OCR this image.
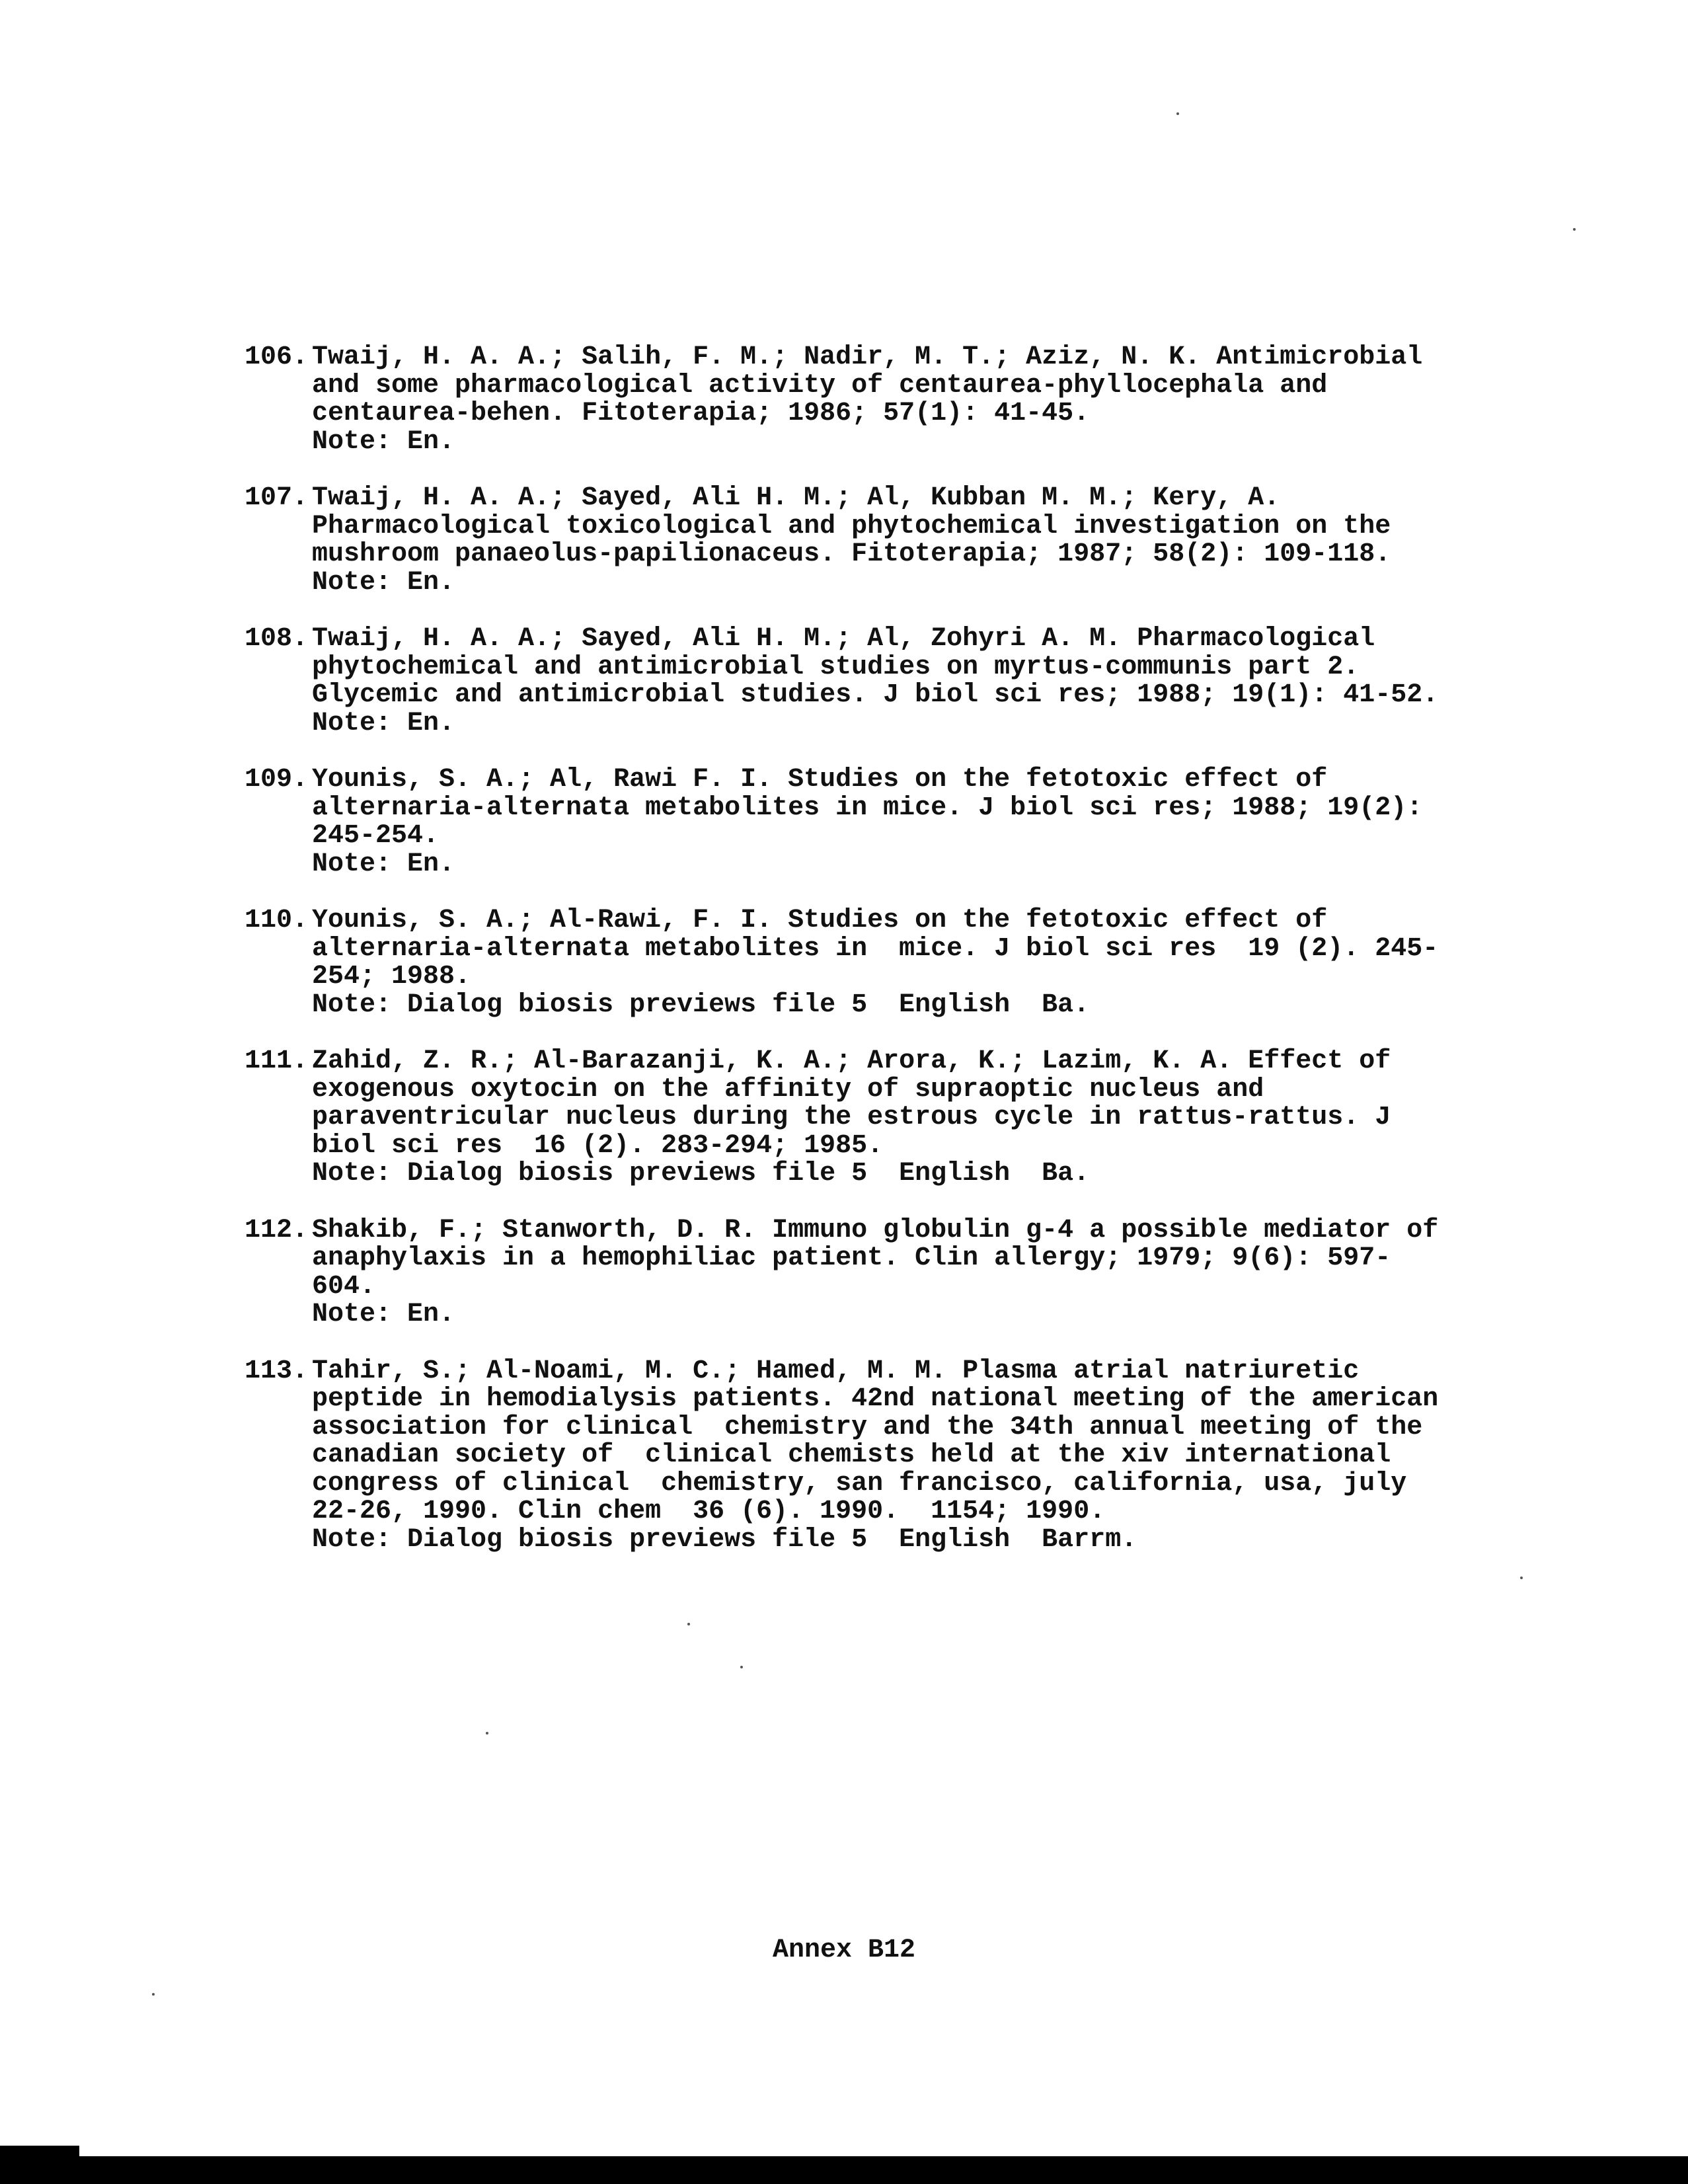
106. Twaij, H. A. A.; Salih, F. M.; Nadir, M. T.; Aziz, N. K. Antimicrobial
and some pharmacological activity of centaurea-phyllocephala and
centaurea-behen. Fitoterapia; 1986; 57(1): 41-45.
Note: En.
107. Twaij, H. A. A.; Sayed, Ali H. M.; Al, Kubban M. M.; Kery, A.
Pharmacological toxicological and phytochemical investigation on the
mushroom panaeolus-papilionaceus. Fitoterapia; 1987; 58(2): 109-118.
Note: En.
108. Twaij, H. A. A.; Sayed, Ali H. M.; Al, Zohyri A. M. Pharmacological
phytochemical and antimicrobial studies on myrtus-communis part 2.
Glycemic and antimicrobial studies. J biol sci res; 1988; 19(1): 41-52.
Note: En.
109. Younis, S. A.; Al, Rawi F. I. Studies on the fetotoxic effect of
alternaria-alternata metabolites in mice. J biol sci res; 1988; 19(2):
245-254.
Note: En.
110. Younis, S. A.; Al-Rawi, F. I. Studies on the fetotoxic effect of
alternaria-alternata metabolites in  mice. J biol sci res  19 (2). 245-
254; 1988.
Note: Dialog biosis previews file 5  English  Ba.
111. Zahid, Z. R.; Al-Barazanji, K. A.; Arora, K.; Lazim, K. A. Effect of
exogenous oxytocin on the affinity of supraoptic nucleus and
paraventricular nucleus during the estrous cycle in rattus-rattus. J
biol sci res  16 (2). 283-294; 1985.
Note: Dialog biosis previews file 5  English  Ba.
112. Shakib, F.; Stanworth, D. R. Immuno globulin g-4 a possible mediator of
anaphylaxis in a hemophiliac patient. Clin allergy; 1979; 9(6): 597-
604.
Note: En.
113. Tahir, S.; Al-Noami, M. C.; Hamed, M. M. Plasma atrial natriuretic
peptide in hemodialysis patients. 42nd national meeting of the american
association for clinical  chemistry and the 34th annual meeting of the
canadian society of  clinical chemists held at the xiv international
congress of clinical  chemistry, san francisco, california, usa, july
22-26, 1990. Clin chem  36 (6). 1990.  1154; 1990.
Note: Dialog biosis previews file 5  English  Barrm.
Annex B12
